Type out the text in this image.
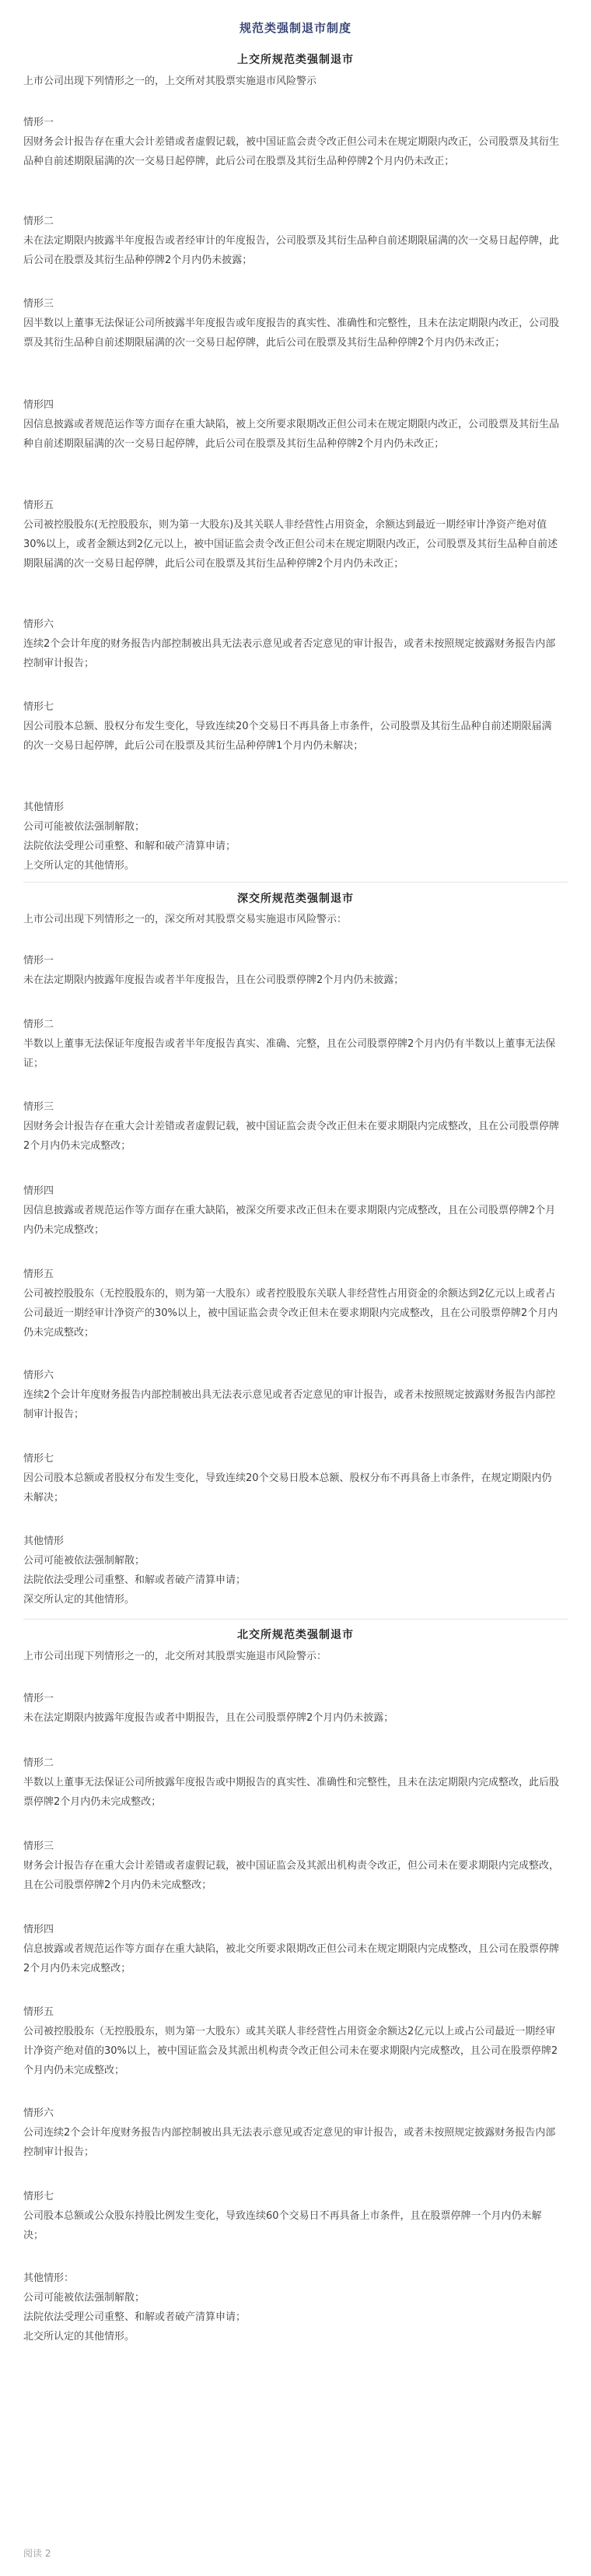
规范类强制退市制度
上交所规范类强制退市

上市公司出现下列情形之一的，上交所对其股票实施退市风险警示

情形一
因财务会计报告存在重大会计差错或者虚假记载，被中国证监会责令改正但公司未在规定期限内改正，公司股票及其衍生品种自前述期限届满的次一交易日起停牌，此后公司在股票及其衍生品种停牌2个月内仍未改正；
情形二
未在法定期限内披露半年度报告或者经审计的年度报告，公司股票及其衍生品种自前述期限届满的次一交易日起停牌，此后公司在股票及其衍生品种停牌2个月内仍未披露；
情形三
因半数以上董事无法保证公司所披露半年度报告或年度报告的真实性、准确性和完整性，且未在法定期限内改正，公司股票及其衍生品种自前述期限届满的次一交易日起停牌，此后公司在股票及其衍生品种停牌2个月内仍未改正；
情形四
因信息披露或者规范运作等方面存在重大缺陷，被上交所要求限期改正但公司未在规定期限内改正，公司股票及其衍生品种自前述期限届满的次一交易日起停牌，此后公司在股票及其衍生品种停牌2个月内仍未改正；
情形五
公司被控股股东(无控股股东，则为第一大股东)及其关联人非经营性占用资金，余额达到最近一期经审计净资产绝对值30%以上，或者金额达到2亿元以上，被中国证监会责令改正但公司未在规定期限内改正，公司股票及其衍生品种自前述期限届满的次一交易日起停牌，此后公司在股票及其衍生品种停牌2个月内仍未改正；
情形六
连续2个会计年度的财务报告内部控制被出具无法表示意见或者否定意见的审计报告，或者未按照规定披露财务报告内部控制审计报告；
情形七
因公司股本总额、股权分布发生变化，导致连续20个交易日不再具备上市条件，公司股票及其衍生品种自前述期限届满的次一交易日起停牌，此后公司在股票及其衍生品种停牌1个月内仍未解决；
其他情形
公司可能被依法强制解散；
法院依法受理公司重整、和解和破产清算申请；
上交所认定的其他情形。
深交所规范类强制退市

上市公司出现下列情形之一的，深交所对其股票交易实施退市风险警示：

情形一
未在法定期限内披露年度报告或者半年度报告，且在公司股票停牌2个月内仍未披露；
情形二
半数以上董事无法保证年度报告或者半年度报告真实、准确、完整，且在公司股票停牌2个月内仍有半数以上董事无法保证；
情形三
因财务会计报告存在重大会计差错或者虚假记载，被中国证监会责令改正但未在要求期限内完成整改，且在公司股票停牌2个月内仍未完成整改；
情形四
因信息披露或者规范运作等方面存在重大缺陷，被深交所要求改正但未在要求期限内完成整改，且在公司股票停牌2个月内仍未完成整改；
情形五
公司被控股股东（无控股股东的，则为第一大股东）或者控股股东关联人非经营性占用资金的余额达到2亿元以上或者占公司最近一期经审计净资产的30%以上，被中国证监会责令改正但未在要求期限内完成整改，且在公司股票停牌2个月内仍未完成整改；
情形六
连续2个会计年度财务报告内部控制被出具无法表示意见或者否定意见的审计报告，或者未按照规定披露财务报告内部控制审计报告；
情形七
因公司股本总额或者股权分布发生变化，导致连续20个交易日股本总额、股权分布不再具备上市条件，在规定期限内仍未解决；
其他情形
公司可能被依法强制解散；
法院依法受理公司重整、和解或者破产清算申请；
深交所认定的其他情形。
北交所规范类强制退市

上市公司出现下列情形之一的，北交所对其股票实施退市风险警示：

情形一
未在法定期限内披露年度报告或者中期报告，且在公司股票停牌2个月内仍未披露；
情形二
半数以上董事无法保证公司所披露年度报告或中期报告的真实性、准确性和完整性，且未在法定期限内完成整改，此后股票停牌2个月内仍未完成整改；
情形三
财务会计报告存在重大会计差错或者虚假记载，被中国证监会及其派出机构责令改正，但公司未在要求期限内完成整改，且在公司股票停牌2个月内仍未完成整改；
情形四
信息披露或者规范运作等方面存在重大缺陷，被北交所要求限期改正但公司未在规定期限内完成整改，且公司在股票停牌2个月内仍未完成整改；
情形五
公司被控股股东（无控股股东，则为第一大股东）或其关联人非经营性占用资金余额达2亿元以上或占公司最近一期经审计净资产绝对值的30%以上，被中国证监会及其派出机构责令改正但公司未在要求期限内完成整改，且公司在股票停牌2个月内仍未完成整改；
情形六
公司连续2个会计年度财务报告内部控制被出具无法表示意见或否定意见的审计报告，或者未按照规定披露财务报告内部控制审计报告；
情形七
公司股本总额或公众股东持股比例发生变化，导致连续60个交易日不再具备上市条件，且在股票停牌一个月内仍未解决；
其他情形：
公司可能被依法强制解散；
法院依法受理公司重整、和解或者破产清算申请；
北交所认定的其他情形。
阅读 2
